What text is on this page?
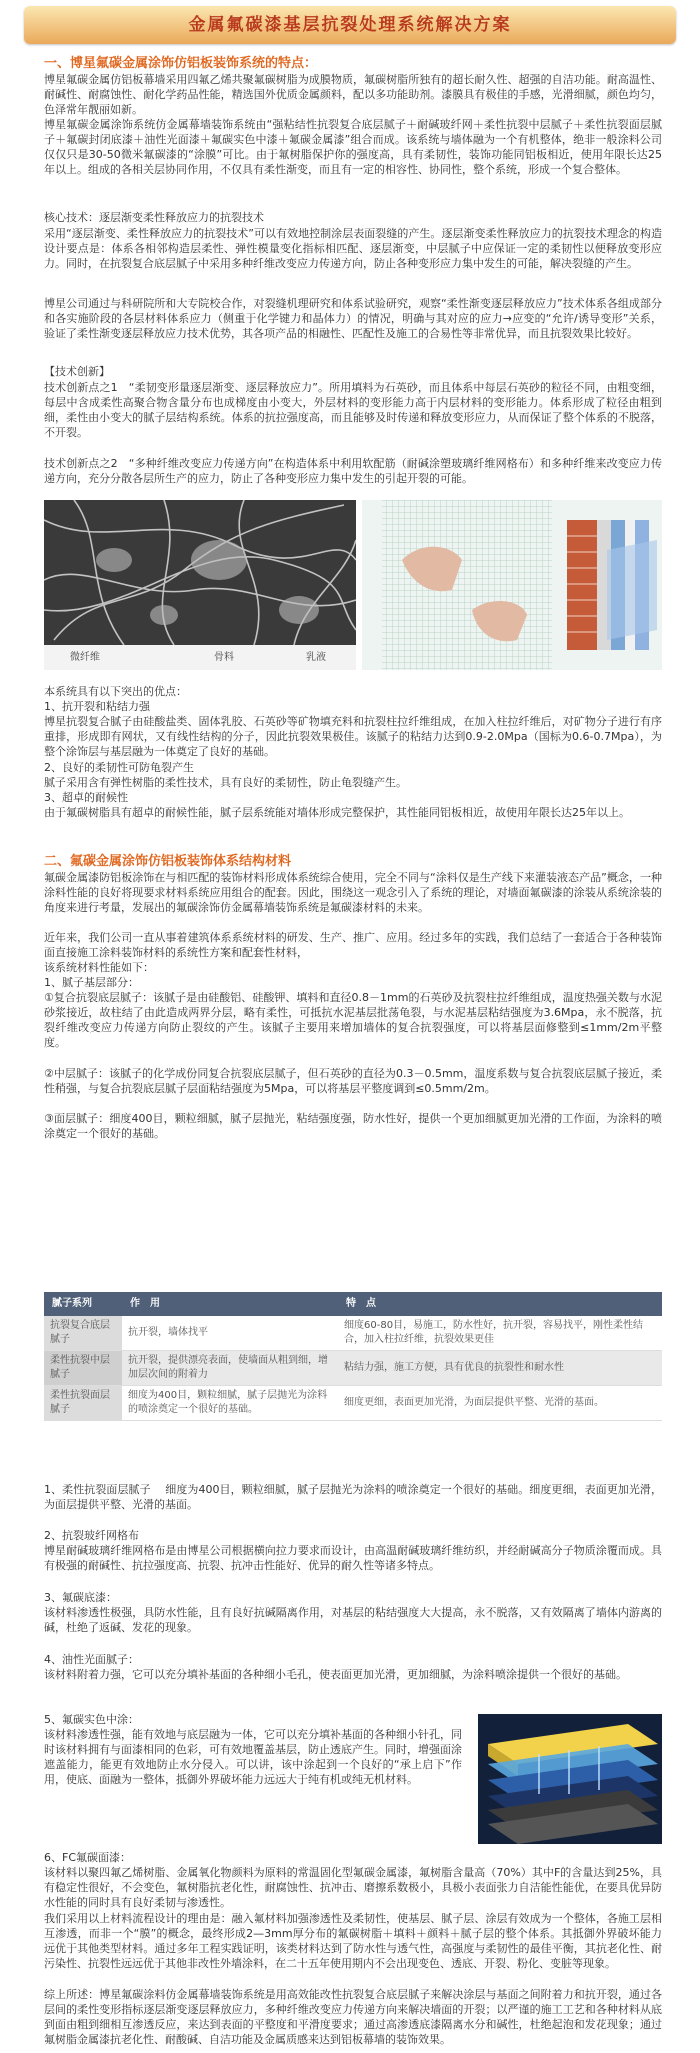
金属氟碳漆基层抗裂处理系统解决方案
一、博星氟碳金属涂饰仿铝板装饰系统的特点：

博星氟碳金属仿铝板幕墙采用四氟乙烯共聚氟碳树脂为成膜物质，氟碳树脂所独有的超长耐久性、超强的自洁功能。耐高温性、耐碱性、耐腐蚀性、耐化学药品性能，精选国外优质金属颜料，配以多功能助剂。漆膜具有极佳的手感，光滑细腻，颜色均匀，色泽常年靓丽如新。

博星氟碳金属涂饰系统仿金属幕墙装饰系统由“强粘结性抗裂复合底层腻子＋耐碱玻纤网＋柔性抗裂中层腻子＋柔性抗裂面层腻子＋氟碳封闭底漆＋油性光面漆＋氟碳实色中漆＋氟碳金属漆”组合而成。该系统与墙体融为一个有机整体，绝非一般涂料公司仅仅只是30-50微米氟碳漆的“涂膜”可比。由于氟树脂保护你的强度高，具有柔韧性，装饰功能同铝板相近，使用年限长达25年以上。组成的各相关层协同作用，不仅具有柔性渐变，而且有一定的相容性、协同性，整个系统，形成一个复合整体。

核心技术：逐层渐变柔性释放应力的抗裂技术

采用“逐层渐变、柔性释放应力的抗裂技术”可以有效地控制涂层表面裂缝的产生。逐层渐变柔性释放应力的抗裂技术理念的构造设计要点是：体系各相邻构造层柔性、弹性模量变化指标相匹配、逐层渐变，中层腻子中应保证一定的柔韧性以便释放变形应力。同时，在抗裂复合底层腻子中采用多种纤维改变应力传递方向，防止各种变形应力集中发生的可能，解决裂缝的产生。

博星公司通过与科研院所和大专院校合作，对裂缝机理研究和体系试验研究，观察“柔性渐变逐层释放应力”技术体系各组成部分和各实施阶段的各层材料体系应力（侧重于化学键力和晶体力）的情况，明确与其对应的应力→应变的“允许/诱导变形”关系，验证了柔性渐变逐层释放应力技术优势，其各项产品的相融性、匹配性及施工的合易性等非常优异，而且抗裂效果比较好。

【技术创新】

技术创新点之1　“柔韧变形量逐层渐变、逐层释放应力”。所用填料为石英砂，而且体系中每层石英砂的粒径不同，由粗变细，每层中含成柔性高聚合物含量分布也成梯度由小变大，外层材料的变形能力高于内层材料的变形能力。体系形成了粒径由粗到细，柔性由小变大的腻子层结构系统。体系的抗拉强度高，而且能够及时传递和释放变形应力，从而保证了整个体系的不脱落，不开裂。

技术创新点之2　“多种纤维改变应力传递方向”在构造体系中利用软配筋（耐碱涂塑玻璃纤维网格布）和多种纤维来改变应力传递方向，充分分散各层所生产的应力，防止了各种变形应力集中发生的引起开裂的可能。

微纤维	骨料	乳液

本系统具有以下突出的优点：

1、抗开裂和粘结力强

博星抗裂复合腻子由硅酸盐类、固体乳胶、石英砂等矿物填充料和抗裂柱拉纤维组成，在加入柱拉纤维后，对矿物分子进行有序重排，形成即有网状，又有线性结构的分子，因此抗裂效果极佳。该腻子的粘结力达到0.9-2.0Mpa（国标为0.6-0.7Mpa），为整个涂饰层与基层融为一体奠定了良好的基础。

2、良好的柔韧性可防龟裂产生

腻子采用含有弹性树脂的柔性技术，具有良好的柔韧性，防止龟裂缝产生。

3、超卓的耐候性

由于氟碳树脂具有超卓的耐候性能，腻子层系统能对墙体形成完整保护，其性能同铝板相近，故使用年限长达25年以上。

二、氟碳金属涂饰仿铝板装饰体系结构材料

氟碳金属漆防铝板涂饰在与相匹配的装饰材料形成体系统综合使用，完全不同与“涂料仅是生产线下来灌装液态产品”概念，一种涂料性能的良好将现要求材料系统应用组合的配套。因此，围绕这一观念引入了系统的理论，对墙面氟碳漆的涂装从系统涂装的角度来进行考量，发展出的氟碳涂饰仿金属幕墙装饰系统是氟碳漆材料的未来。

近年来，我们公司一直从事着建筑体系系统材料的研发、生产、推广、应用。经过多年的实践，我们总结了一套适合于各种装饰面直接施工涂料装饰材料的系统性方案和配套性材料，

该系统材料性能如下：

1、腻子基层部分：

①复合抗裂底层腻子：该腻子是由硅酸铝、硅酸钾、填料和直径0.8－1mm的石英砂及抗裂柱拉纤维组成，温度热强关数与水泥砂浆接近，故柱结了由此造成两界分层，略有柔性，可抵抗水泥基层批荡龟裂，与水泥基层粘结强度为3.6Mpa，永不脱落，抗裂纤维改变应力传递方向防止裂纹的产生。该腻子主要用来增加墙体的复合抗裂强度，可以将基层面修整到≤1mm/2m平整度。

②中层腻子：该腻子的化学成份同复合抗裂底层腻子，但石英砂的直径为0.3－0.5mm，温度系数与复合抗裂底层腻子接近，柔性稍强，与复合抗裂底层腻子层面粘结强度为5Mpa，可以将基层平整度调到≤0.5mm/2m。

③面层腻子：细度400目，颗粒细腻，腻子层抛光，粘结强度强，防水性好，提供一个更加细腻更加光滑的工作面，为涂料的喷涂奠定一个很好的基础。

腻子系列	作　用	特　点
抗裂复合底层腻子	抗开裂，墙体找平	细度60-80目，易施工，防水性好，抗开裂，容易找平，刚性柔性结合，加入柱拉纤维，抗裂效果更佳
柔性抗裂中层腻子	抗开裂，提供漂亮表面，使墙面从粗到细，增加层次间的附着力	粘结力强，施工方便，具有优良的抗裂性和耐水性
柔性抗裂面层腻子	细度为400目，颗粒细腻，腻子层抛光为涂料的喷涂奠定一个很好的基础。	细度更细，表面更加光滑，为面层提供平整、光滑的基面。

1、柔性抗裂面层腻子　 细度为400目，颗粒细腻，腻子层抛光为涂料的喷涂奠定一个很好的基础。细度更细，表面更加光滑，为面层提供平整、光滑的基面。

2、抗裂玻纤网格布

博星耐碱玻璃纤维网格布是由博星公司根据横向拉力要求而设计，由高温耐碱玻璃纤维纺织，并经耐碱高分子物质涂覆而成。具有极强的耐碱性、抗拉强度高、抗裂、抗冲击性能好、优异的耐久性等诸多特点。

3、氟碳底漆：

该材料渗透性极强，具防水性能，且有良好抗碱隔离作用，对基层的粘结强度大大提高，永不脱落，又有效隔离了墙体内游离的碱，杜绝了返碱、发花的现象。

4、油性光面腻子：

该材料附着力强，它可以充分填补基面的各种细小毛孔，使表面更加光滑，更加细腻，为涂料喷涂提供一个很好的基础。

5、氟碳实色中涂：

该材料渗透性强，能有效地与底层融为一体，它可以充分填补基面的各种细小针孔，同时该材料拥有与面漆相同的色彩，可有效地覆盖基层，防止透底产生。同时，增强面涂遮盖能力，能更有效地防止水分侵入。可以讲，该中涂起到一个良好的“承上启下”作用，使底、面融为一整体，抵御外界破坏能力远远大于纯有机或纯无机材料。

6、FC氟碳面漆：

该材料以聚四氟乙烯树脂、金属氧化物颜料为原料的常温固化型氟碳金属漆，氟树脂含量高（70%）其中F的含量达到25%，具有稳定性很好，不会变色，氟树脂抗老化性，耐腐蚀性、抗冲击、磨擦系数极小，具极小表面张力自洁能性能优，在要具优异防水性能的同时具有良好柔韧与渗透性。

我们采用以上材料流程设计的理由是：融入氟材料加强渗透性及柔韧性，使基层、腻子层、涂层有效成为一个整体，各施工层相互渗透，而非一个“膜”的概念，最终形成2—3mm厚分布的氟碳树脂＋填料＋颜料＋腻子层的整个体系。其抵御外界破坏能力远优于其他类型材料。通过多年工程实践证明，该类材料达到了防水性与透气性，高强度与柔韧性的最佳平衡，其抗老化性、耐污染性、抗裂性远远优于其他非改性外墙涂料，在二十五年使用期内不会出现变色、透底、开裂、粉化、变脏等现象。

综上所述：博星氟碳涂料仿金属幕墙装饰系统是用高效能改性抗裂复合底层腻子来解决涂层与基面之间附着力和抗开裂，通过各层间的柔性变形指标逐层渐变逐层释放应力，多种纤维改变应力传递方向来解决墙面的开裂；以严谨的施工工艺和各种材料从底到面由粗到细相互渗透反应，来达到表面的平整度和平滑度要求；通过高渗透底漆隔离水分和碱性，杜绝起泡和发花现象；通过氟树脂金属漆抗老化性、耐酸碱、自洁功能及金属质感来达到铝板幕墙的装饰效果。
